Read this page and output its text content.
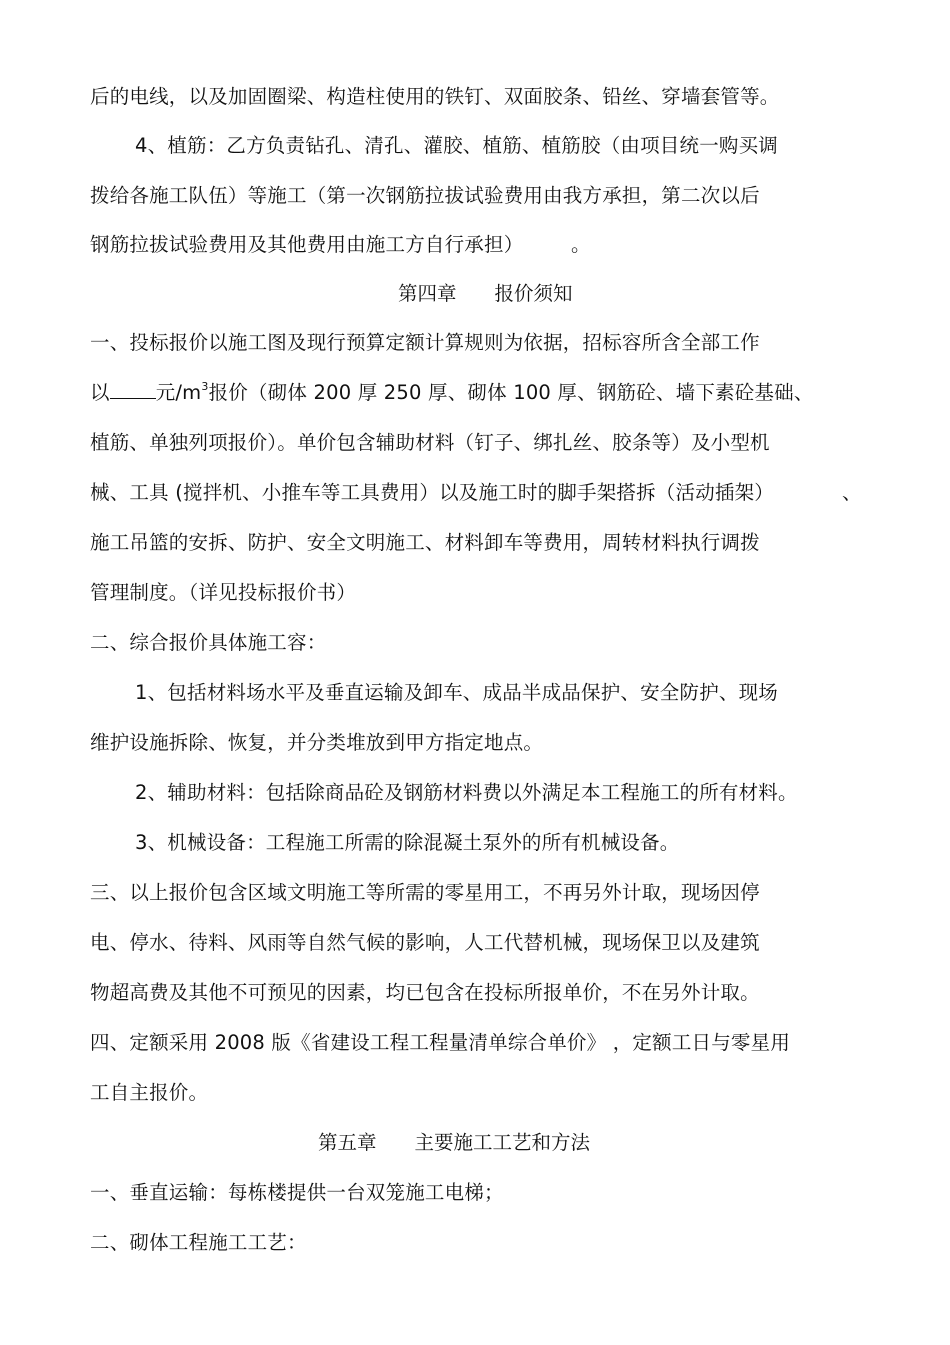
后的电线，以及加固圈梁、构造柱使用的铁钉、双面胶条、铅丝、穿墙套管等。
4、植筋：乙方负责钻孔、清孔、灌胶、植筋、植筋胶（由项目统一购买调
拨给各施工队伍）等施工（第一次钢筋拉拔试验费用由我方承担，第二次以后
钢筋拉拔试验费用及其他费用由施工方自行承担） 。
第四章 报价须知
一、投标报价以施工图及现行预算定额计算规则为依据，招标容所含全部工作
以 元$/m^3$报价（砌体 200 厚 250 厚、砌体 100 厚、钢筋砼、墙下素砼基础、
植筋、单独列项报价）。单价包含辅助材料（钉子、绑扎丝、胶条等）及小型机
械、工具 (搅拌机、小推车等工具费用）以及施工时的脚手架搭拆（活动插架）	、
施工吊篮的安拆、防护、安全文明施工、材料卸车等费用，周转材料执行调拨
管理制度。（详见投标报价书）
二、综合报价具体施工容：
1、包括材料场水平及垂直运输及卸车、成品半成品保护、安全防护、现场
维护设施拆除、恢复，并分类堆放到甲方指定地点。
2、辅助材料：包括除商品砼及钢筋材料费以外满足本工程施工的所有材料。
3、机械设备：工程施工所需的除混凝土泵外的所有机械设备。
三、以上报价包含区域文明施工等所需的零星用工，不再另外计取，现场因停
电、停水、待料、风雨等自然气候的影响，人工代替机械，现场保卫以及建筑
物超高费及其他不可预见的因素，均已包含在投标所报单价，不在另外计取。
四、定额采用 2008 版《省建设工程工程量清单综合单价》 ，定额工日与零星用
工自主报价。
第五章 主要施工工艺和方法
一、垂直运输：每栋楼提供一台双笼施工电梯；
二、砌体工程施工工艺：
